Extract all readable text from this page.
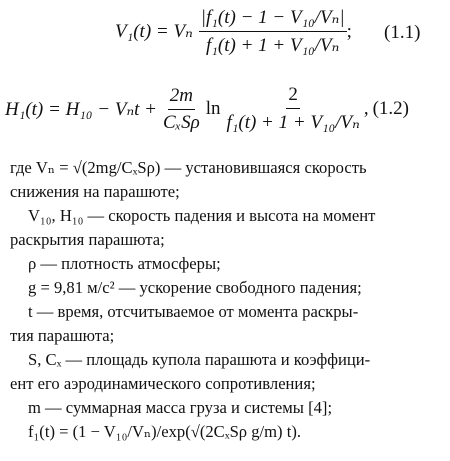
V₁(t) = Vₙ $\frac{\text{|f₁(t) − 1 − V₁₀/Vₙ|}}{\text{f₁(t) + 1 + V₁₀/Vₙ}}$ ; (1.1)
$H_1(t) = H_{10} - V_nt + \frac{2m}{\text{CₓSρ}}$ $\ln \frac{2}{\text{f₁(t) + 1 + V₁₀/Vₙ}}$ , (1.2)
где Vₙ = √(2mg/CₓSρ) — установившаяся скорость
снижения на парашюте;
V₁₀, H₁₀ — скорость падения и высота на момент
раскрытия парашюта;
ρ — плотность атмосферы;
g = 9,81 м/с² — ускорение свободного падения;
t — время, отсчитываемое от момента раскры-
тия парашюта;
S, Cₓ — площадь купола парашюта и коэффици-
ент его аэродинамического сопротивления;
m — суммарная масса груза и системы [4];
f₁(t) = (1 − V₁₀/Vₙ)/exp(√(2CₓSρ g/m) t).
